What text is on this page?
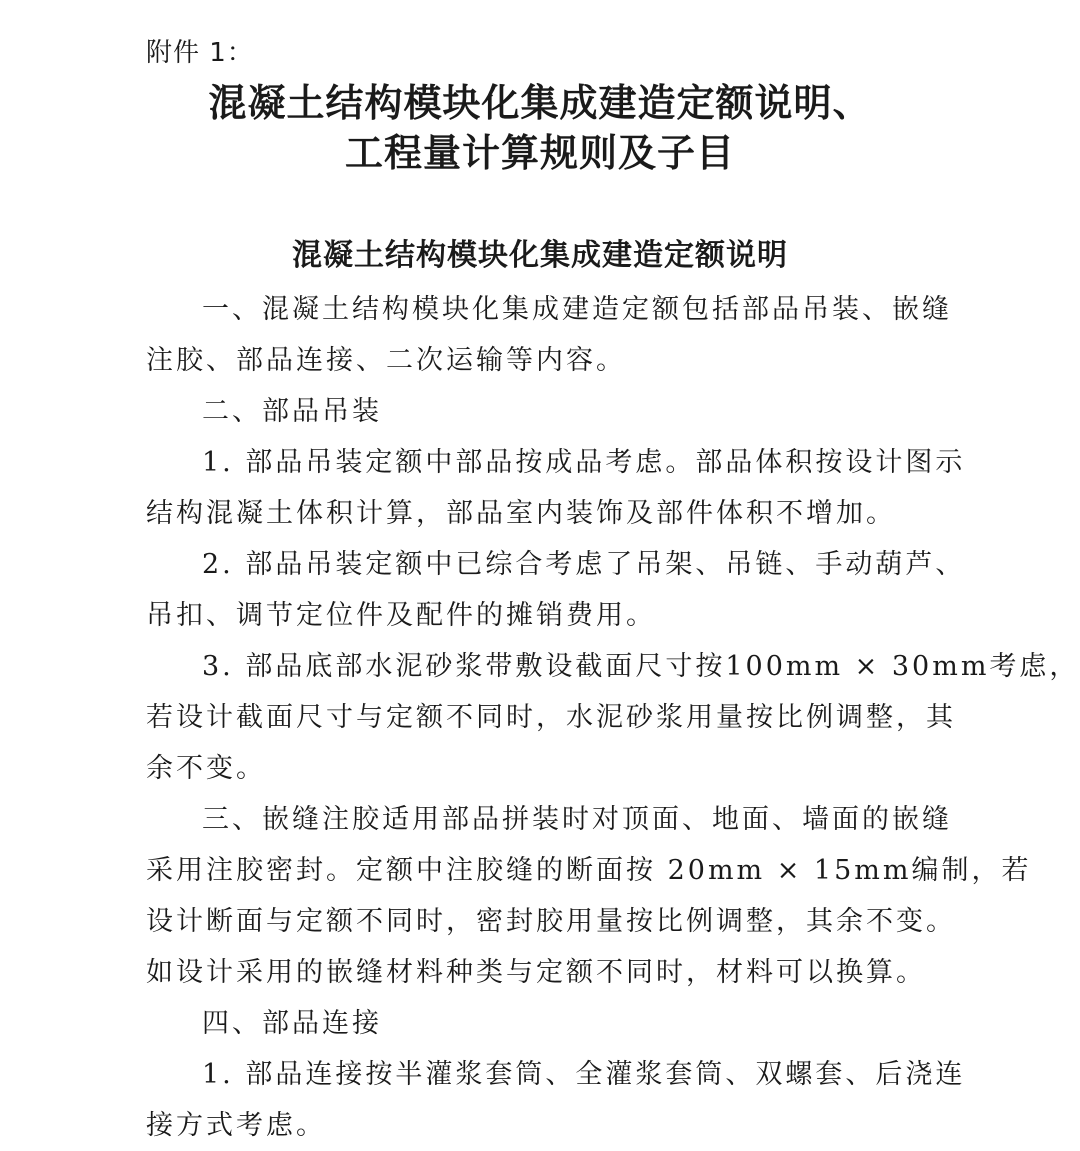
附件 1：
混凝土结构模块化集成建造定额说明、
工程量计算规则及子目
混凝土结构模块化集成建造定额说明
一、混凝土结构模块化集成建造定额包括部品吊装、嵌缝
注胶、部品连接、二次运输等内容。
二、部品吊装
1. 部品吊装定额中部品按成品考虑。部品体积按设计图示
结构混凝土体积计算，部品室内装饰及部件体积不增加。
2. 部品吊装定额中已综合考虑了吊架、吊链、手动葫芦、
吊扣、调节定位件及配件的摊销费用。
3. 部品底部水泥砂浆带敷设截面尺寸按100mm × 30mm考虑，
若设计截面尺寸与定额不同时，水泥砂浆用量按比例调整，其
余不变。
三、嵌缝注胶适用部品拼装时对顶面、地面、墙面的嵌缝
采用注胶密封。定额中注胶缝的断面按 20mm × 15mm编制，若
设计断面与定额不同时，密封胶用量按比例调整，其余不变。
如设计采用的嵌缝材料种类与定额不同时，材料可以换算。
四、部品连接
1. 部品连接按半灌浆套筒、全灌浆套筒、双螺套、后浇连
接方式考虑。
